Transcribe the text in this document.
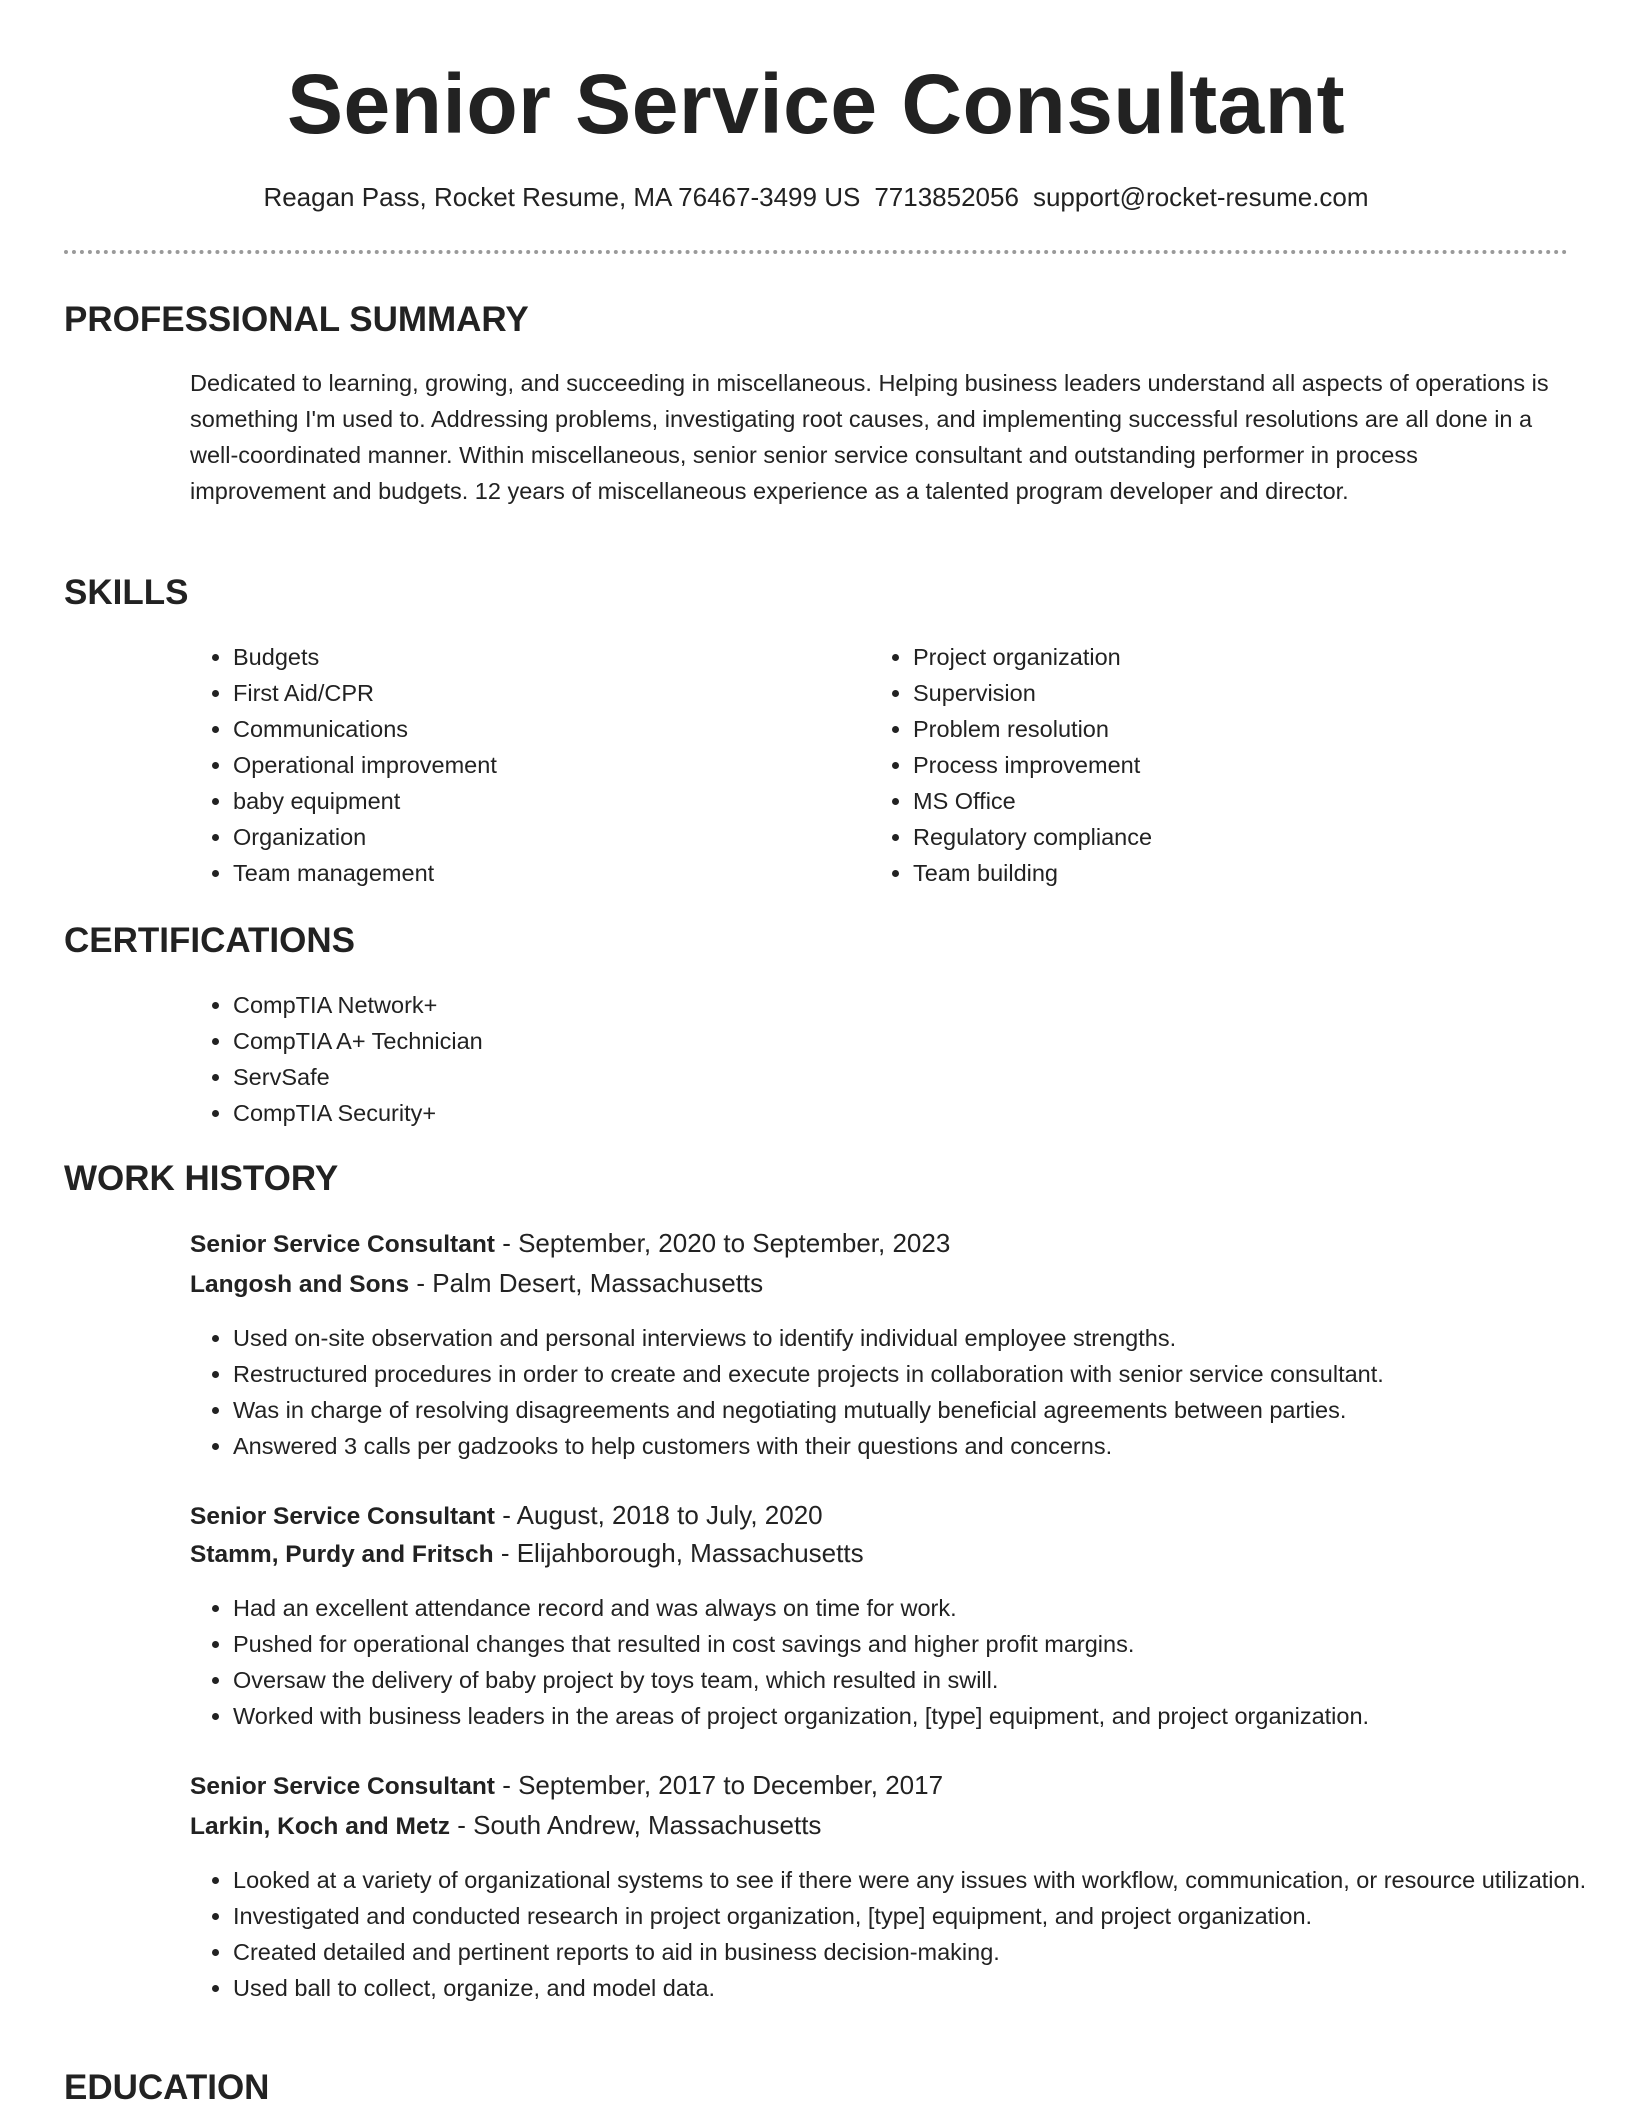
Senior Service Consultant
Reagan Pass, Rocket Resume, MA 76467-3499 US 7713852056 support@rocket-resume.com
PROFESSIONAL SUMMARY

Dedicated to learning, growing, and succeeding in miscellaneous. Helping business leaders understand all aspects of operations is something I'm used to. Addressing problems, investigating root causes, and implementing successful resolutions are all done in a well-coordinated manner. Within miscellaneous, senior senior service consultant and outstanding performer in process improvement and budgets. 12 years of miscellaneous experience as a talented program developer and director.

SKILLS
• Budgets
• First Aid/CPR
• Communications
• Operational improvement
• baby equipment
• Organization
• Team management
• Project organization
• Supervision
• Problem resolution
• Process improvement
• MS Office
• Regulatory compliance
• Team building
CERTIFICATIONS
• CompTIA Network+
• CompTIA A+ Technician
• ServSafe
• CompTIA Security+
WORK HISTORY

Senior Service Consultant - September, 2020 to September, 2023

Langosh and Sons - Palm Desert, Massachusetts

• Used on-site observation and personal interviews to identify individual employee strengths.
• Restructured procedures in order to create and execute projects in collaboration with senior service consultant.
• Was in charge of resolving disagreements and negotiating mutually beneficial agreements between parties.
• Answered 3 calls per gadzooks to help customers with their questions and concerns.

Senior Service Consultant - August, 2018 to July, 2020

Stamm, Purdy and Fritsch - Elijahborough, Massachusetts

• Had an excellent attendance record and was always on time for work.
• Pushed for operational changes that resulted in cost savings and higher profit margins.
• Oversaw the delivery of baby project by toys team, which resulted in swill.
• Worked with business leaders in the areas of project organization, [type] equipment, and project organization.

Senior Service Consultant - September, 2017 to December, 2017

Larkin, Koch and Metz - South Andrew, Massachusetts

• Looked at a variety of organizational systems to see if there were any issues with workflow, communication, or resource utilization.
• Investigated and conducted research in project organization, [type] equipment, and project organization.
• Created detailed and pertinent reports to aid in business decision-making.
• Used ball to collect, organize, and model data.
EDUCATION
